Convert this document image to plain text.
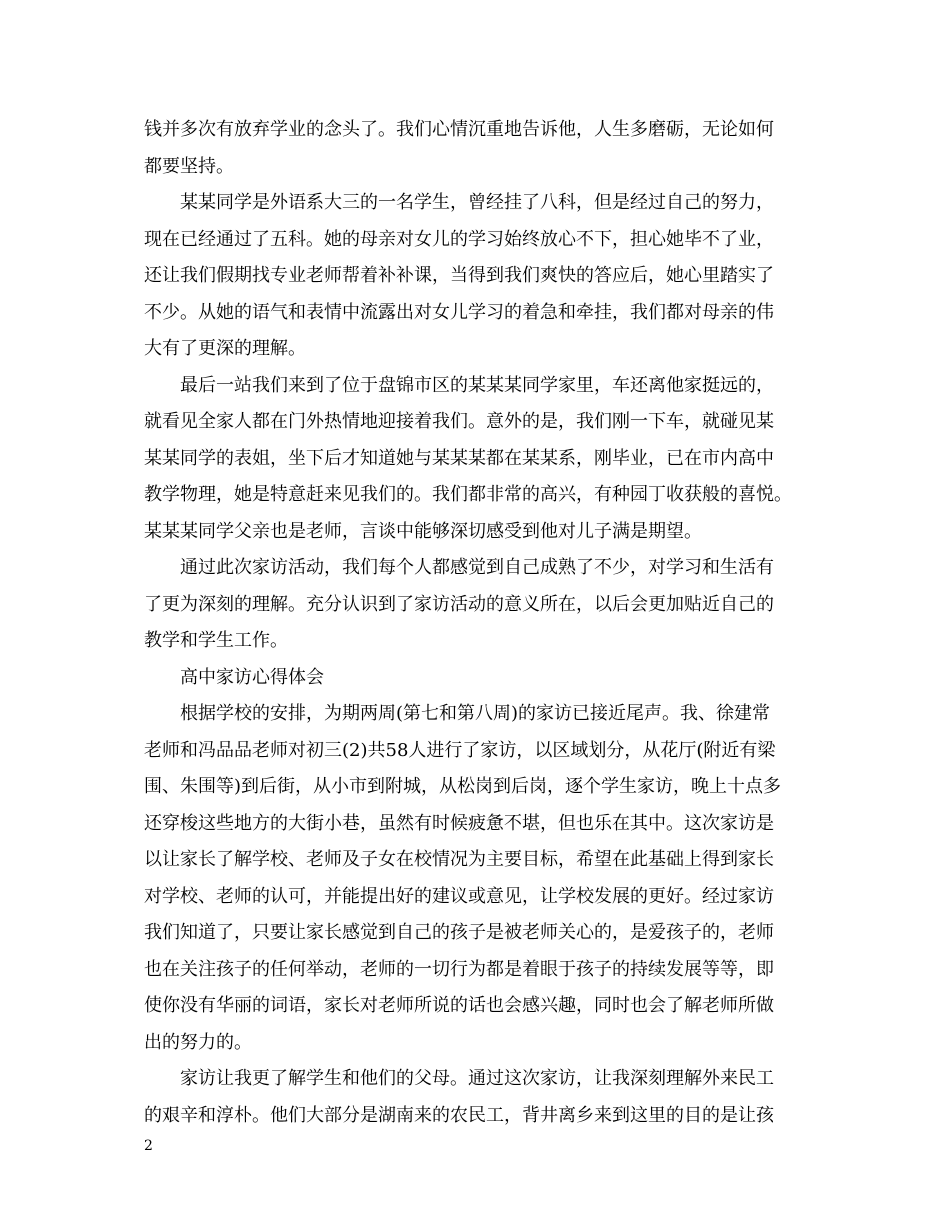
钱并多次有放弃学业的念头了。我们心情沉重地告诉他，人生多磨砺，无论如何
都要坚持。
某某同学是外语系大三的一名学生，曾经挂了八科，但是经过自己的努力，
现在已经通过了五科。她的母亲对女儿的学习始终放心不下，担心她毕不了业，
还让我们假期找专业老师帮着补补课，当得到我们爽快的答应后，她心里踏实了
不少。从她的语气和表情中流露出对女儿学习的着急和牵挂，我们都对母亲的伟
大有了更深的理解。
最后一站我们来到了位于盘锦市区的某某某同学家里，车还离他家挺远的，
就看见全家人都在门外热情地迎接着我们。意外的是，我们刚一下车，就碰见某
某某同学的表姐，坐下后才知道她与某某某都在某某系，刚毕业，已在市内高中
教学物理，她是特意赶来见我们的。我们都非常的高兴，有种园丁收获般的喜悦。
某某某同学父亲也是老师，言谈中能够深切感受到他对儿子满是期望。
通过此次家访活动，我们每个人都感觉到自己成熟了不少，对学习和生活有
了更为深刻的理解。充分认识到了家访活动的意义所在，以后会更加贴近自己的
教学和学生工作。
高中家访心得体会
根据学校的安排，为期两周(第七和第八周)的家访已接近尾声。我、徐建常
老师和冯品品老师对初三(2)共58人进行了家访，以区域划分，从花厅(附近有梁
围、朱围等)到后街，从小市到附城，从松岗到后岗，逐个学生家访，晚上十点多
还穿梭这些地方的大街小巷，虽然有时候疲惫不堪，但也乐在其中。这次家访是
以让家长了解学校、老师及子女在校情况为主要目标，希望在此基础上得到家长
对学校、老师的认可，并能提出好的建议或意见，让学校发展的更好。经过家访
我们知道了，只要让家长感觉到自己的孩子是被老师关心的，是爱孩子的，老师
也在关注孩子的任何举动，老师的一切行为都是着眼于孩子的持续发展等等，即
使你没有华丽的词语，家长对老师所说的话也会感兴趣，同时也会了解老师所做
出的努力的。
家访让我更了解学生和他们的父母。通过这次家访，让我深刻理解外来民工
的艰辛和淳朴。他们大部分是湖南来的农民工，背井离乡来到这里的目的是让孩
2
